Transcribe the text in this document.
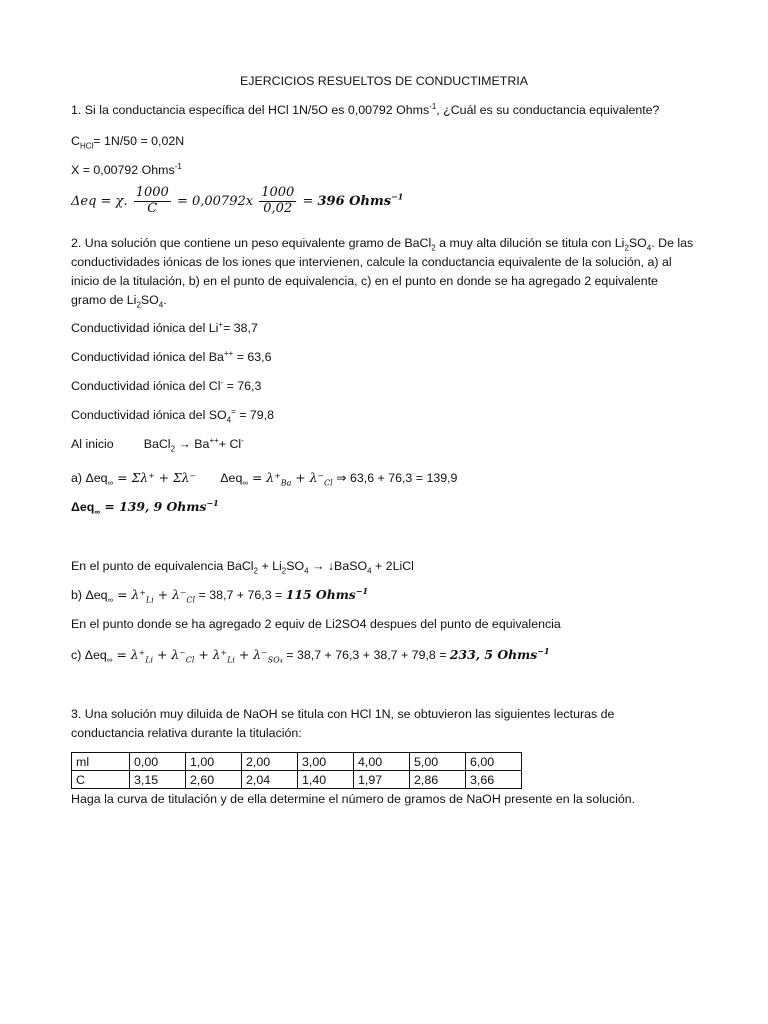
EJERCICIOS RESUELTOS DE CONDUCTIMETRIA
1. Si la conductancia específica del HCl 1N/5O es 0,00792 Ohms$^{-1}$, ¿Cuál es su conductancia equivalente?
$C_{HCl}= 1N/50 = 0,02N$
X = 0,00792 Ohms$^{-1}$
Δeq = χ. $\frac{1000}{C} = 0,00792x \frac{1000}{0,02} = 396$ Ohms$^{-1}$
2. Una solución que contiene un peso equivalente gramo de BaCl$_2$ a muy alta dilución se titula con $Li_2SO_4$. De las
conductividades iónicas de los iones que intervienen, calcule la conductancia equivalente de la solución, a) al
inicio de la titulación, b) en el punto de equivalencia, c) en el punto en donde se ha agregado 2 equivalente
gramo de $Li_2SO_4$.
Conductividad iónica del Li+= 38,7
Conductividad iónica del Ba++ = 63,6
Conductividad iónica del Cl- = 76,3
Conductividad iónica del $SO_4^= = 79,8$
Al inicio BaCl$_2$ → Ba+++ Cl-
a) Δeq$_\infty$ = Σλ⁺ + Σλ⁻ $\Delta eq_\infty = \lambda^+_{Ba} + \lambda^-_{Cl}$ ⇒ 63,6 + 76,3 = 139,9
Δeq$_\infty$ = 139, 9 Ohms$^{-1}$
En el punto de equivalencia BaCl$_2$ + $Li_2SO_4$ → ↓BaSO$_4$ + 2LiCl
b) $\Delta eq_\infty = \lambda^+_{Li} + \lambda^-_{Cl} = 38,7 + 76,3 = 115$ Ohms$^{-1}$
En el punto donde se ha agregado 2 equiv de Li2SO4 despues del punto de equivalencia
c) $\Delta eq_\infty = \lambda^+_{Li} + \lambda^-_{Cl} + \lambda^+_{Li} + \lambda^-_{SO_4} = 38,7 + 76,3 + 38,7 + 79,8 = 233$, 5 Ohms$^{-1}$
3. Una solución muy diluida de NaOH se titula con HCl 1N, se obtuvieron las siguientes lecturas de
conductancia relativa durante la titulación:
ml	0,00	1,00	2,00	3,00	4,00	5,00	6,00
C	3,15	2,60	2,04	1,40	1,97	2,86	3,66
Haga la curva de titulación y de ella determine el número de gramos de NaOH presente en la solución.
